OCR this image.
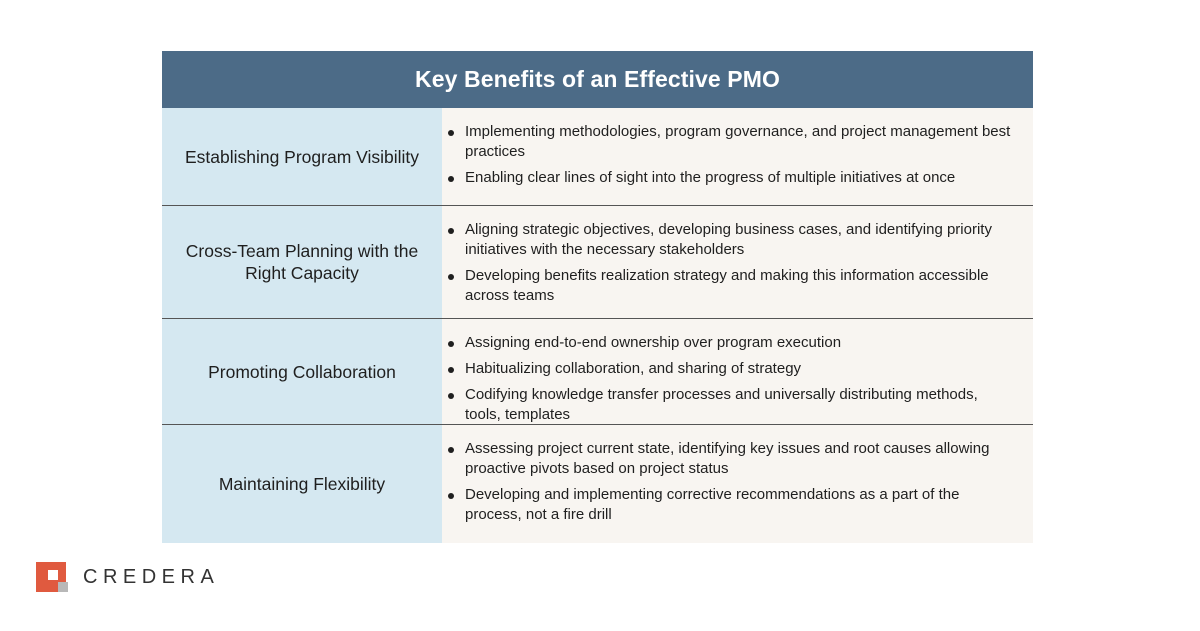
Key Benefits of an Effective PMO
Establishing Program Visibility
Implementing methodologies, program governance, and project management best practices
Enabling clear lines of sight into the progress of multiple initiatives at once
Cross-Team Planning with the Right Capacity
Aligning strategic objectives, developing business cases, and identifying priority initiatives with the necessary stakeholders
Developing benefits realization strategy and making this information accessible across teams
Promoting Collaboration
Assigning end-to-end ownership over program execution
Habitualizing collaboration, and sharing of strategy
Codifying knowledge transfer processes and universally distributing methods, tools, templates
Maintaining Flexibility
Assessing project current state, identifying key issues and root causes allowing proactive pivots based on project status
Developing and implementing corrective recommendations as a part of the process, not a fire drill
CREDERA
